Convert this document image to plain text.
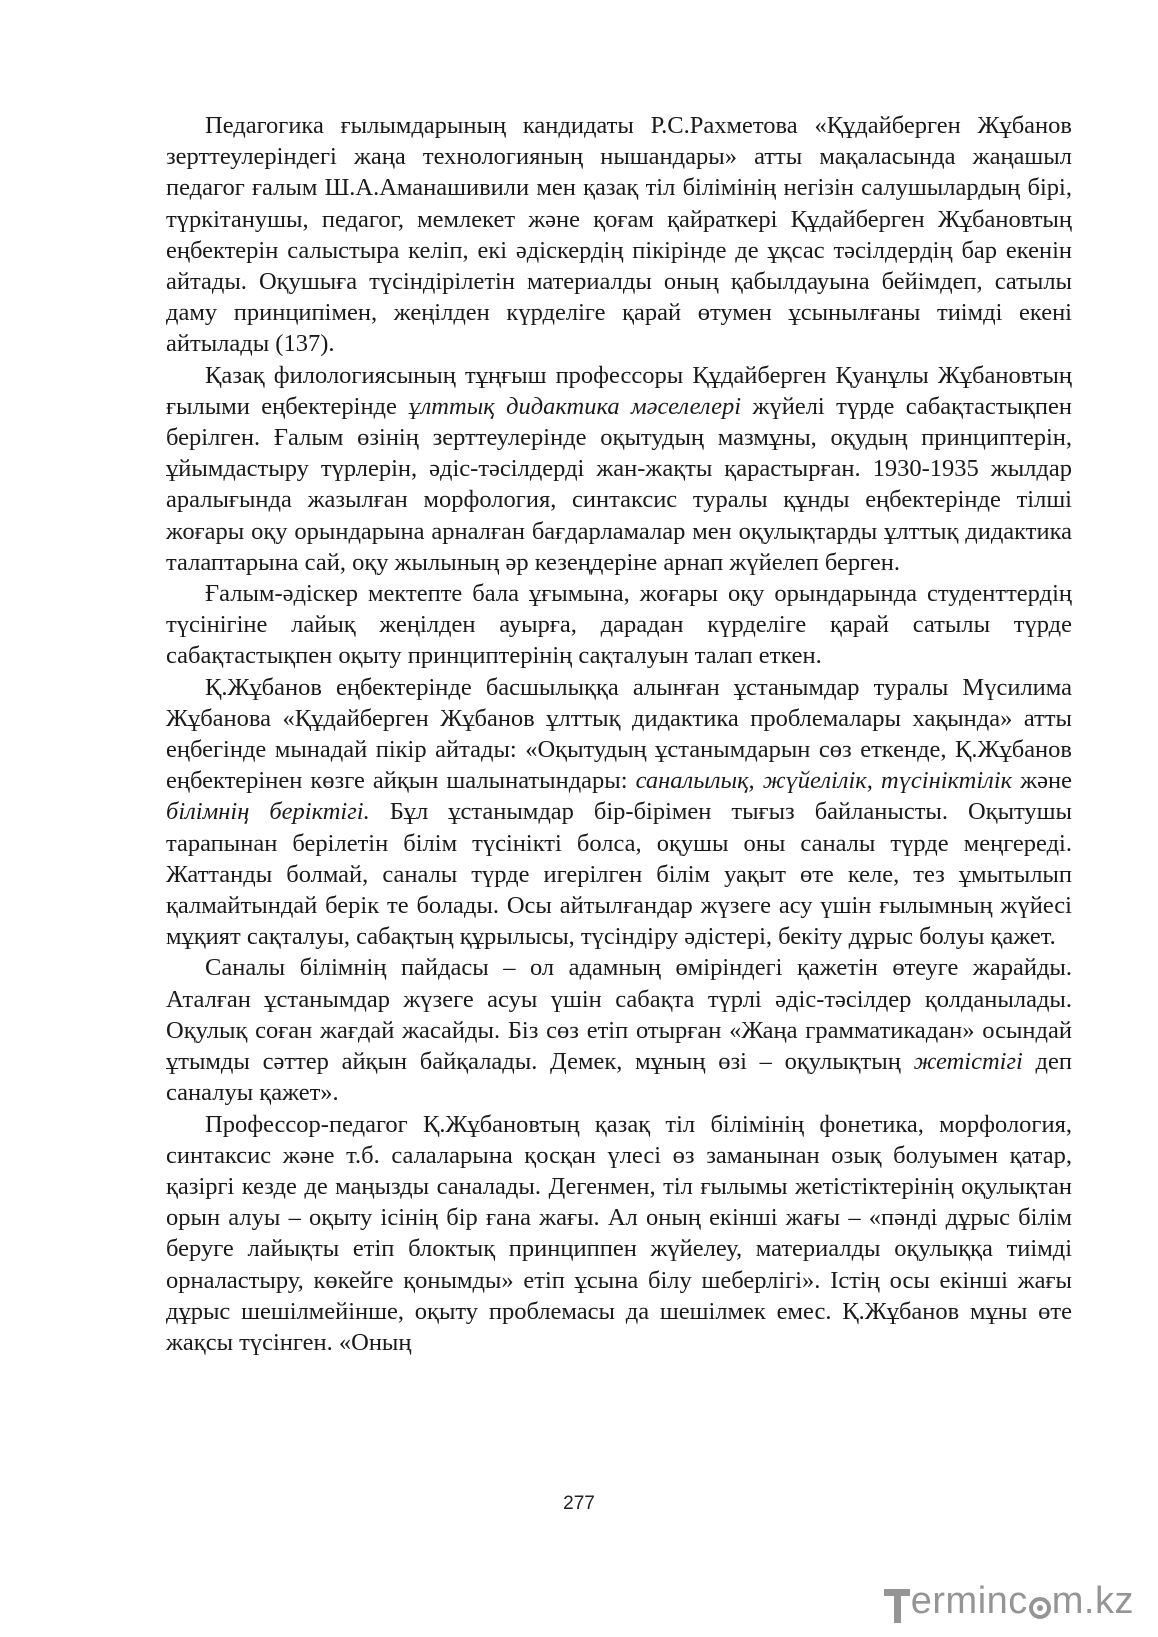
Педагогика ғылымдарының кандидаты Р.С.Рахметова «Құдайберген Жұбанов зерттеулеріндегі жаңа технологияның нышандары» атты мақаласында жаңашыл педагог ғалым Ш.А.Аманашивили мен қазақ тіл білімінің негізін салушылардың бірі, түркітанушы, педагог, мемлекет және қоғам қайраткері Құдайберген Жұбановтың еңбектерін салыстыра келіп, екі әдіскердің пікірінде де ұқсас тәсілдердің бар екенін айтады. Оқушыға түсіндірілетін материалды оның қабылдауына бейімдеп, сатылы даму принципімен, жеңілден күрделіге қарай өтумен ұсынылғаны тиімді екені айтылады (137).

Қазақ филологиясының тұңғыш профессоры Құдайберген Қуанұлы Жұбановтың ғылыми еңбектерінде ұлттық дидактика мәселелері жүйелі түрде сабақтастықпен берілген. Ғалым өзінің зерттеулерінде оқытудың мазмұны, оқудың принциптерін, ұйымдастыру түрлерін, әдіс-тәсілдерді жан-жақты қарастырған. 1930-1935 жылдар аралығында жазылған морфология, синтаксис туралы құнды еңбектерінде тілші жоғары оқу орындарына арналған бағдарламалар мен оқулықтарды ұлттық дидактика талаптарына сай, оқу жылының әр кезеңдеріне арнап жүйелеп берген.

Ғалым-әдіскер мектепте бала ұғымына, жоғары оқу орындарында студенттердің түсінігіне лайық жеңілден ауырға, дарадан күрделіге қарай сатылы түрде сабақтастықпен оқыту принциптерінің сақталуын талап еткен.

Қ.Жұбанов еңбектерінде басшылыққа алынған ұстанымдар туралы Мүсилима Жұбанова «Құдайберген Жұбанов ұлттық дидактика проблемалары хақында» атты еңбегінде мынадай пікір айтады: «Оқытудың ұстанымдарын сөз еткенде, Қ.Жұбанов еңбектерінен көзге айқын шалынатындары: саналылық, жүйелілік, түсініктілік және білімнің беріктігі. Бұл ұстанымдар бір-бірімен тығыз байланысты. Оқытушы тарапынан берілетін білім түсінікті болса, оқушы оны саналы түрде меңгереді. Жаттанды болмай, саналы түрде игерілген білім уақыт өте келе, тез ұмытылып қалмайтындай берік те болады. Осы айтылғандар жүзеге асу үшін ғылымның жүйесі мұқият сақталуы, сабақтың құрылысы, түсіндіру әдістері, бекіту дұрыс болуы қажет.

Саналы білімнің пайдасы – ол адамның өміріндегі қажетін өтеуге жарайды. Аталған ұстанымдар жүзеге асуы үшін сабақта түрлі әдіс-тәсілдер қолданылады. Оқулық соған жағдай жасайды. Біз сөз етіп отырған «Жаңа грамматикадан» осындай ұтымды сәттер айқын байқалады. Демек, мұның өзі – оқулықтың жетістігі деп саналуы қажет».

Профессор-педагог Қ.Жұбановтың қазақ тіл білімінің фонетика, морфология, синтаксис және т.б. салаларына қосқан үлесі өз заманынан озық болуымен қатар, қазіргі кезде де маңызды саналады. Дегенмен, тіл ғылымы жетістіктерінің оқулықтан орын алуы – оқыту ісінің бір ғана жағы. Ал оның екінші жағы – «пәнді дұрыс білім беруге лайықты етіп блоктық принциппен жүйелеу, материалды оқулыққа тиімді орналастыру, көкейге қонымды» етіп ұсына білу шеберлігі». Істің осы екінші жағы дұрыс шешілмейінше, оқыту проблемасы да шешілмек емес. Қ.Жұбанов мұны өте жақсы түсінген. «Оның

277
erminc m.kz
